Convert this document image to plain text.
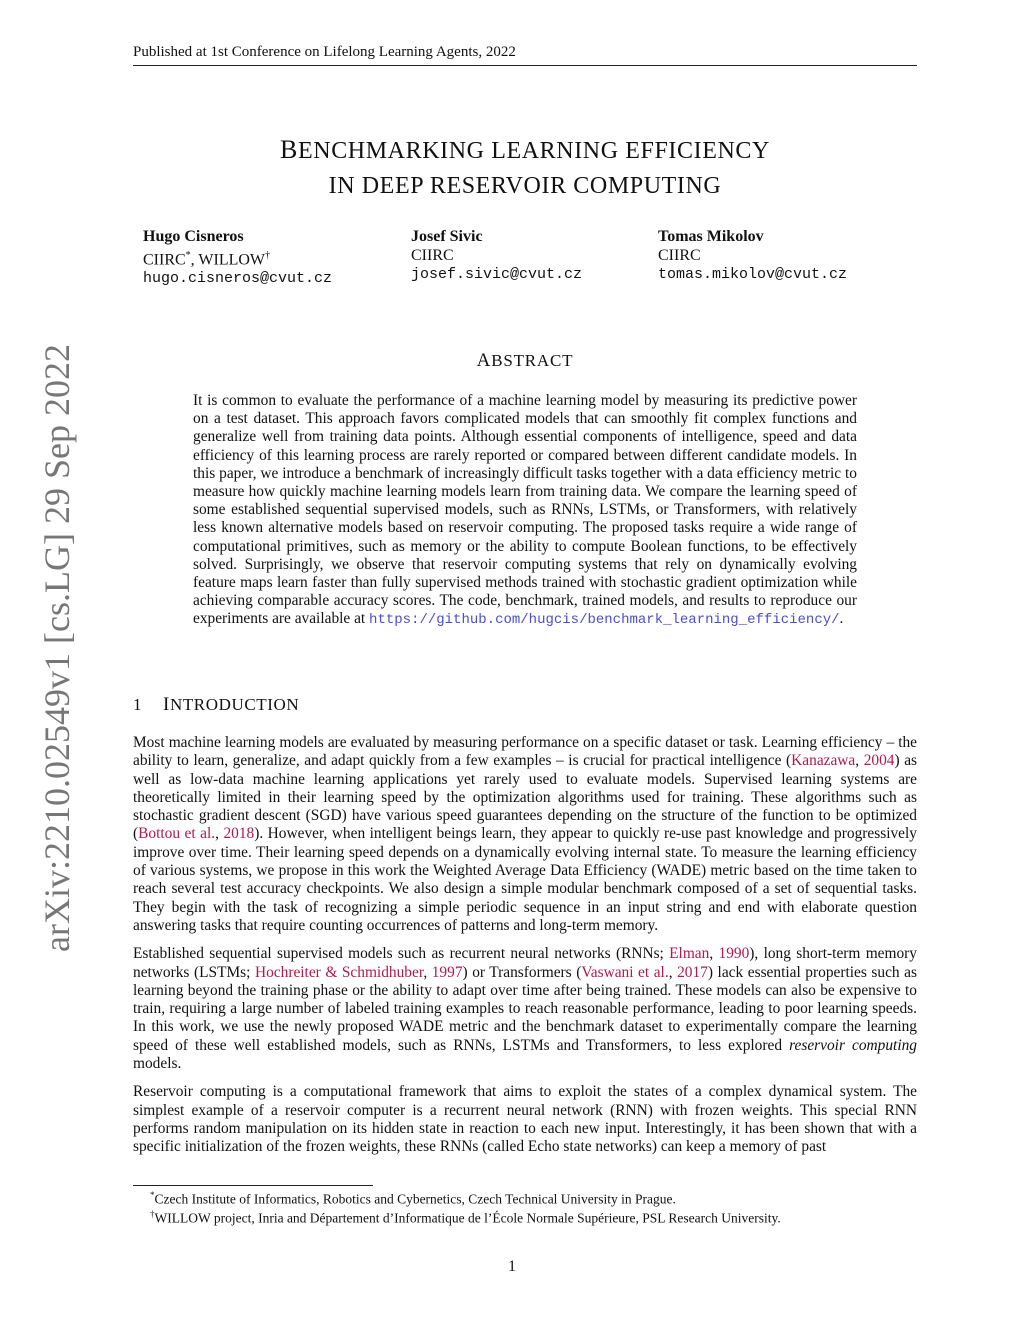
Published at 1st Conference on Lifelong Learning Agents, 2022
arXiv:2210.02549v1 [cs.LG] 29 Sep 2022
BENCHMARKING LEARNING EFFICIENCY
IN DEEP RESERVOIR COMPUTING
Hugo Cisneros
CIIRC*, WILLOW†
hugo.cisneros@cvut.cz
Josef Sivic
CIIRC
josef.sivic@cvut.cz
Tomas Mikolov
CIIRC
tomas.mikolov@cvut.cz
ABSTRACT
It is common to evaluate the performance of a machine learning model by measuring its predictive power on a test dataset. This approach favors complicated models that can smoothly fit complex functions and generalize well from training data points. Although essential components of intelligence, speed and data efficiency of this learning process are rarely reported or compared between different candidate models. In this paper, we introduce a benchmark of increasingly difficult tasks together with a data efficiency metric to measure how quickly machine learning models learn from training data. We compare the learning speed of some established sequential supervised models, such as RNNs, LSTMs, or Transformers, with relatively less known alternative models based on reservoir computing. The proposed tasks require a wide range of computational primitives, such as memory or the ability to compute Boolean functions, to be effectively solved. Surprisingly, we observe that reservoir computing systems that rely on dynamically evolving feature maps learn faster than fully supervised methods trained with stochastic gradient optimization while achieving comparable accuracy scores. The code, benchmark, trained models, and results to reproduce our experiments are available at https://github.com/hugcis/benchmark_learning_efficiency/.
1 INTRODUCTION

Most machine learning models are evaluated by measuring performance on a specific dataset or task. Learning efficiency – the ability to learn, generalize, and adapt quickly from a few examples – is crucial for practical intelligence (Kanazawa, 2004) as well as low-data machine learning applications yet rarely used to evaluate models. Supervised learning systems are theoretically limited in their learning speed by the optimization algorithms used for training. These algorithms such as stochastic gradient descent (SGD) have various speed guarantees depending on the structure of the function to be optimized (Bottou et al., 2018). However, when intelligent beings learn, they appear to quickly re-use past knowledge and progressively improve over time. Their learning speed depends on a dynamically evolving internal state. To measure the learning efficiency of various systems, we propose in this work the Weighted Average Data Efficiency (WADE) metric based on the time taken to reach several test accuracy checkpoints. We also design a simple modular benchmark composed of a set of sequential tasks. They begin with the task of recognizing a simple periodic sequence in an input string and end with elaborate question answering tasks that require counting occurrences of patterns and long-term memory.

Established sequential supervised models such as recurrent neural networks (RNNs; Elman, 1990), long short-term memory networks (LSTMs; Hochreiter & Schmidhuber, 1997) or Transformers (Vaswani et al., 2017) lack essential properties such as learning beyond the training phase or the ability to adapt over time after being trained. These models can also be expensive to train, requiring a large number of labeled training examples to reach reasonable performance, leading to poor learning speeds. In this work, we use the newly proposed WADE metric and the benchmark dataset to experimentally compare the learning speed of these well established models, such as RNNs, LSTMs and Transformers, to less explored reservoir computing models.

Reservoir computing is a computational framework that aims to exploit the states of a complex dynamical system. The simplest example of a reservoir computer is a recurrent neural network (RNN) with frozen weights. This special RNN performs random manipulation on its hidden state in reaction to each new input. Interestingly, it has been shown that with a specific initialization of the frozen weights, these RNNs (called Echo state networks) can keep a memory of past

*Czech Institute of Informatics, Robotics and Cybernetics, Czech Technical University in Prague.
†WILLOW project, Inria and Département d’Informatique de l’École Normale Supérieure, PSL Research University.
1
